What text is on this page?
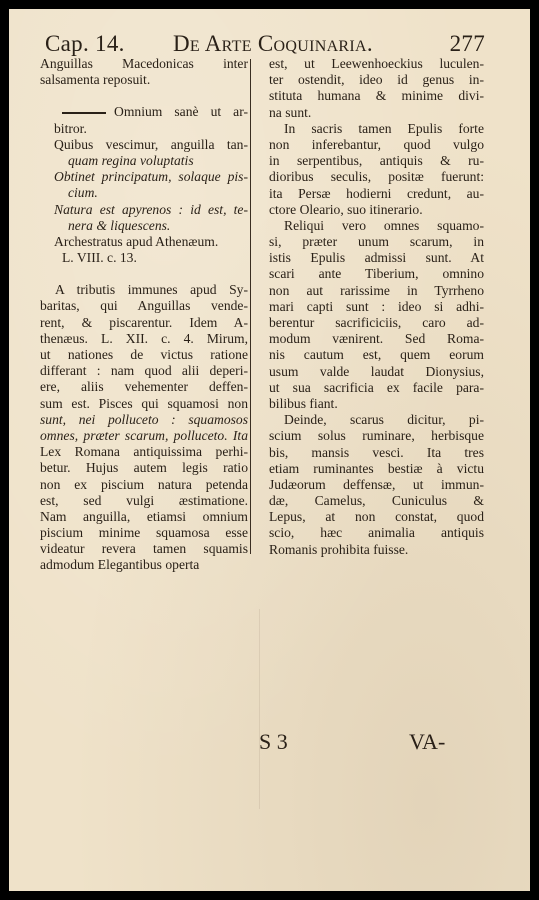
Cap. 14. De Arte Coquinaria.	277
Anguillas Macedonicas inter
salsamenta reposuit.
Omnium sanè ut ar-
bitror.
Quibus vescimur, anguilla tan-
quam regina voluptatis
Obtinet principatum, solaque pis-
cium.
Natura est apyrenos : id est, te-
nera & liquescens.
Archestratus apud Athenæum.
L. VIII. c. 13.
A tributis immunes apud Sy-
baritas, qui Anguillas vende-
rent, & piscarentur. Idem A-
thenæus. L. XII. c. 4. Mirum,
ut nationes de victus ratione
differant : nam quod alii deperi-
ere, aliis vehementer deffen-
sum est. Pisces qui squamosi non
sunt, nei polluceto : squamosos
omnes, præter scarum, polluceto. Ita
Lex Romana antiquissima perhi-
betur. Hujus autem legis ratio
non ex piscium natura petenda
est, sed vulgi æstimatione.
Nam anguilla, etiamsi omnium
piscium minime squamosa esse
videatur revera tamen squamis
admodum Elegantibus operta
est, ut Leewenhoeckius luculen-
ter ostendit, ideo id genus in-
stituta humana & minime divi-
na sunt.
In sacris tamen Epulis forte
non inferebantur, quod vulgo
in serpentibus, antiquis & ru-
dioribus seculis, positæ fuerunt:
ita Persæ hodierni credunt, au-
ctore Oleario, suo itinerario.
Reliqui vero omnes squamo-
si, præter unum scarum, in
istis Epulis admissi sunt. At
scari ante Tiberium, omnino
non aut rarissime in Tyrrheno
mari capti sunt : ideo si adhi-
berentur sacrificiciis, caro ad-
modum vænirent. Sed Roma-
nis cautum est, quem eorum
usum valde laudat Dionysius,
ut sua sacrificia ex facile para-
bilibus fiant.
Deinde, scarus dicitur, pi-
scium solus ruminare, herbisque
bis, mansis vesci. Ita tres
etiam ruminantes bestiæ à victu
Judæorum deffensæ, ut immun-
dæ, Camelus, Cuniculus &
Lepus, at non constat, quod
scio, hæc animalia antiquis
Romanis prohibita fuisse.
S 3	VA-
